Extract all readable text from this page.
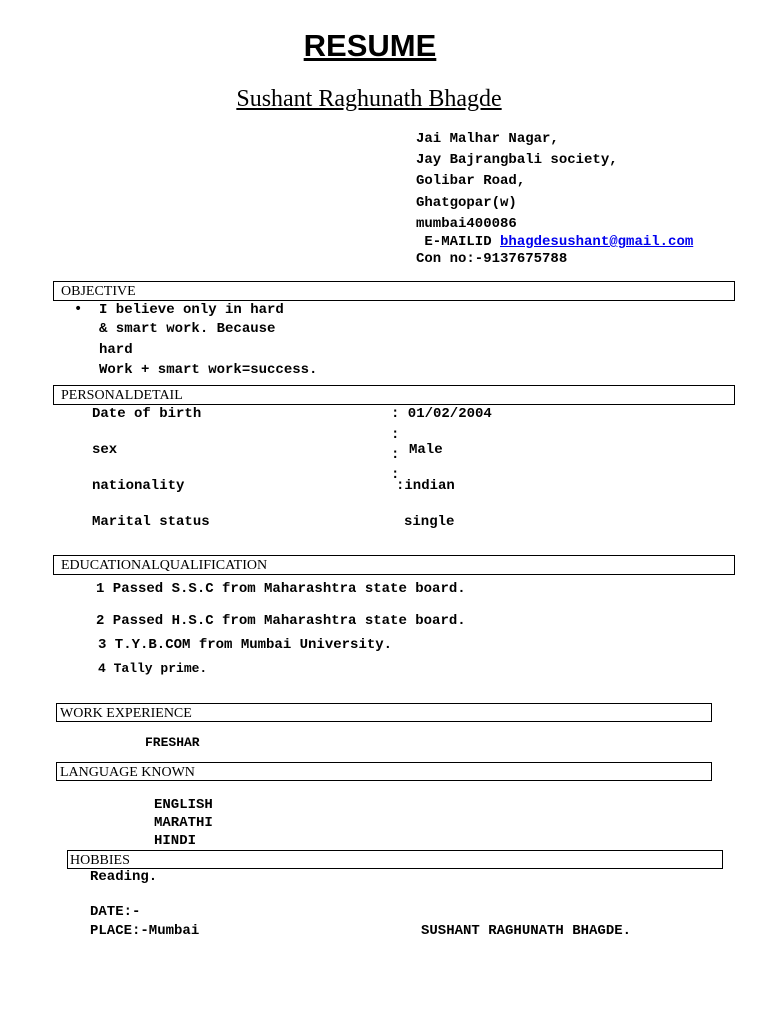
RESUME
Sushant Raghunath Bhagde
Jai Malhar Nagar,
Jay Bajrangbali society,
Golibar Road,
Ghatgopar(w)
mumbai400086
E-MAILID bhagdesushant@gmail.com
Con no:-9137675788
OBJECTIVE
• I believe only in hard
& smart work. Because
hard
Work + smart work=success.
PERSONALDETAIL
Date of birth	: 01/02/2004
:
sex	: Male
:
nationality	:indian
Marital status	single
EDUCATIONALQUALIFICATION
1 Passed S.S.C from Maharashtra state board.
2 Passed H.S.C from Maharashtra state board.
3 T.Y.B.COM from Mumbai University.
4 Tally prime.
WORK EXPERIENCE
FRESHAR
LANGUAGE KNOWN
ENGLISH
MARATHI
HINDI
HOBBIES
Reading.
DATE:-
PLACE:-Mumbai	SUSHANT RAGHUNATH BHAGDE.
